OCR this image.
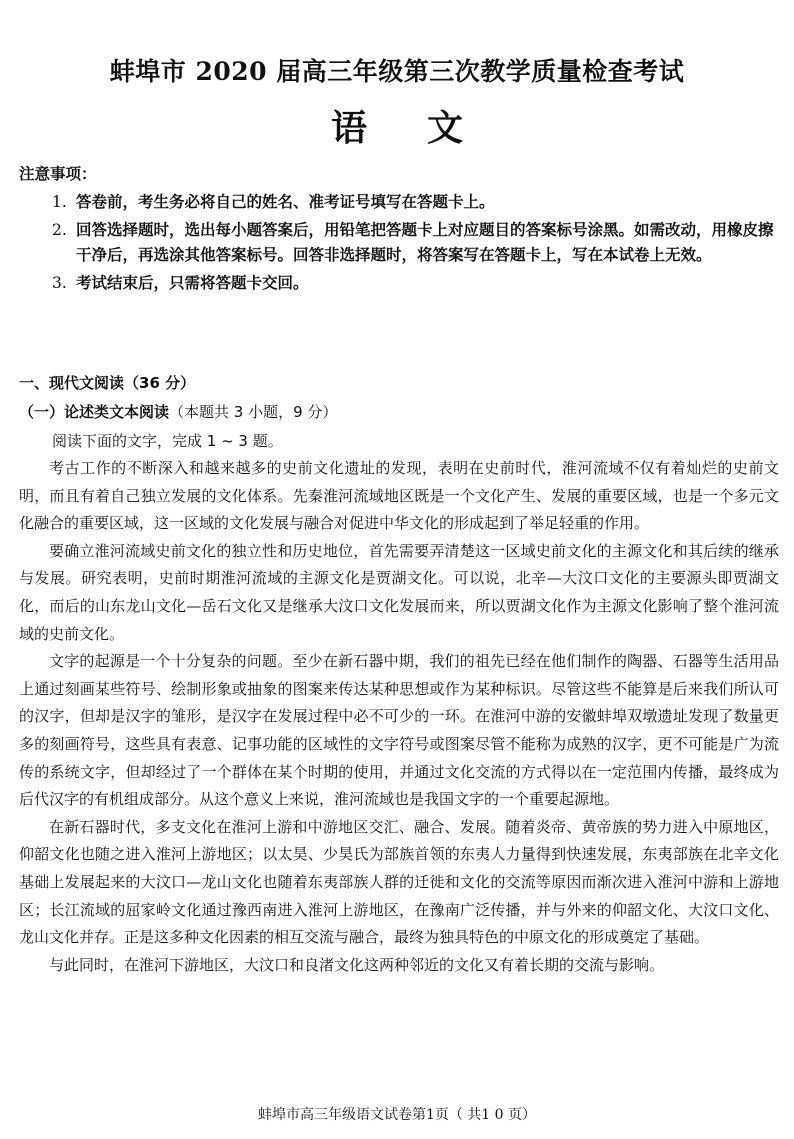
蚌埠市 2020 届高三年级第三次教学质量检查考试
语文
注意事项：
1. 答卷前，考生务必将自己的姓名、准考证号填写在答题卡上。
2. 回答选择题时，选出每小题答案后，用铅笔把答题卡上对应题目的答案标号涂黑。如需改动，用橡皮擦干净后，再选涂其他答案标号。回答非选择题时，将答案写在答题卡上，写在本试卷上无效。
3. 考试结束后，只需将答题卡交回。
一、现代文阅读（36 分）
（一）论述类文本阅读（本题共 3 小题，9 分）
阅读下面的文字，完成 1 ~ 3 题。

考古工作的不断深入和越来越多的史前文化遗址的发现，表明在史前时代，淮河流域不仅有着灿烂的史前文明，而且有着自己独立发展的文化体系。先秦淮河流域地区既是一个文化产生、发展的重要区域，也是一个多元文化融合的重要区域，这一区域的文化发展与融合对促进中华文化的形成起到了举足轻重的作用。

要确立淮河流域史前文化的独立性和历史地位，首先需要弄清楚这一区域史前文化的主源文化和其后续的继承与发展。研究表明，史前时期淮河流域的主源文化是贾湖文化。可以说，北辛—大汶口文化的主要源头即贾湖文化，而后的山东龙山文化—岳石文化又是继承大汶口文化发展而来，所以贾湖文化作为主源文化影响了整个淮河流域的史前文化。

文字的起源是一个十分复杂的问题。至少在新石器中期，我们的祖先已经在他们制作的陶器、石器等生活用品上通过刻画某些符号、绘制形象或抽象的图案来传达某种思想或作为某种标识。尽管这些不能算是后来我们所认可的汉字，但却是汉字的雏形，是汉字在发展过程中必不可少的一环。在淮河中游的安徽蚌埠双墩遗址发现了数量更多的刻画符号，这些具有表意、记事功能的区域性的文字符号或图案尽管不能称为成熟的汉字，更不可能是广为流传的系统文字，但却经过了一个群体在某个时期的使用，并通过文化交流的方式得以在一定范围内传播，最终成为后代汉字的有机组成部分。从这个意义上来说，淮河流域也是我国文字的一个重要起源地。

在新石器时代，多支文化在淮河上游和中游地区交汇、融合、发展。随着炎帝、黄帝族的势力进入中原地区，仰韶文化也随之进入淮河上游地区；以太昊、少昊氏为部族首领的东夷人力量得到快速发展，东夷部族在北辛文化基础上发展起来的大汶口—龙山文化也随着东夷部族人群的迁徙和文化的交流等原因而渐次进入淮河中游和上游地区；长江流域的屈家岭文化通过豫西南进入淮河上游地区，在豫南广泛传播，并与外来的仰韶文化、大汶口文化、龙山文化并存。正是这多种文化因素的相互交流与融合，最终为独具特色的中原文化的形成奠定了基础。

与此同时，在淮河下游地区，大汶口和良渚文化这两种邻近的文化又有着长期的交流与影响。

蚌埠市高三年级语文试卷第1页（ 共1 0 页）
